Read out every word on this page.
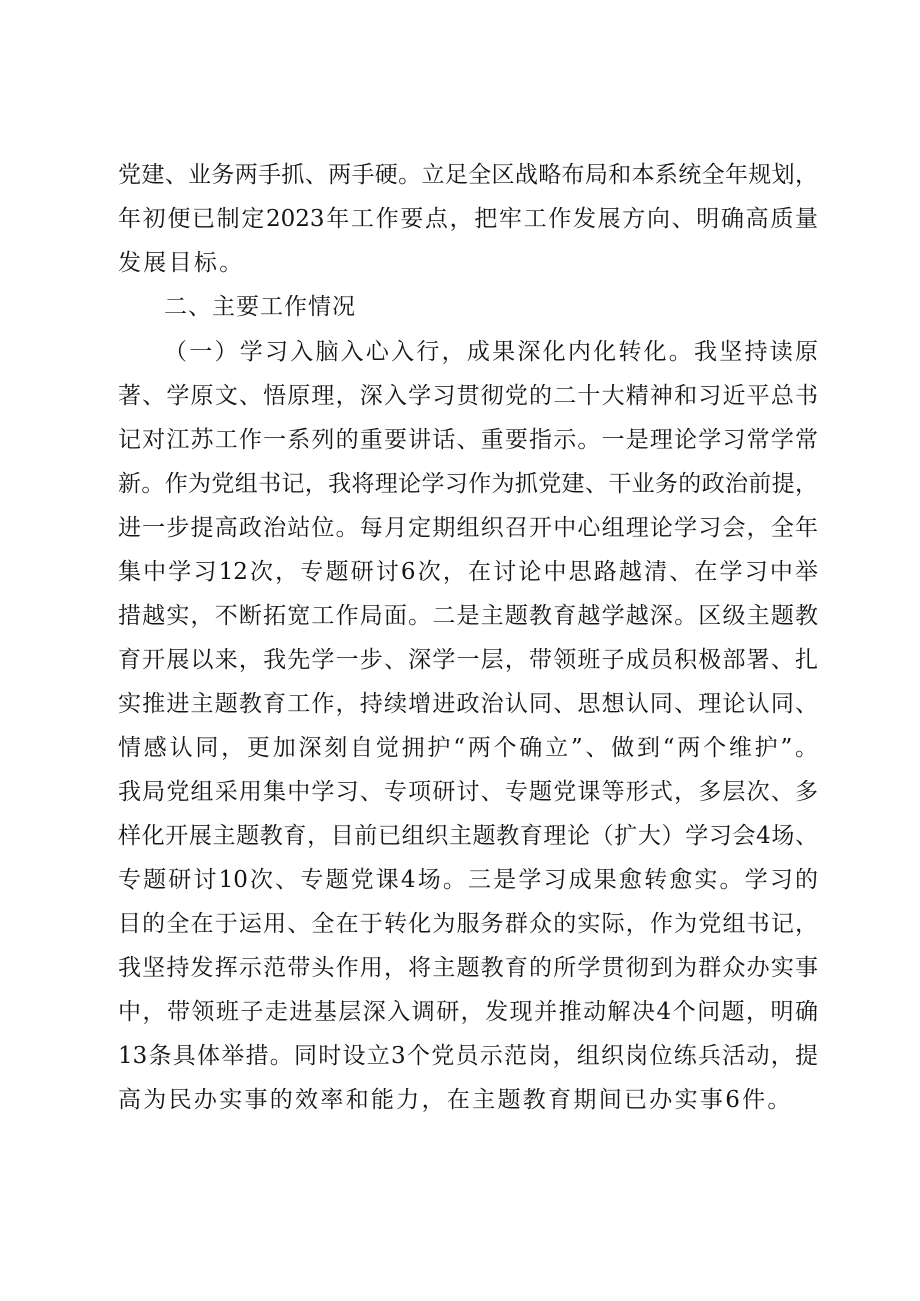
党建、业务两手抓、两手硬。立足全区战略布局和本系统全年规划，
年初便已制定2023年工作要点，把牢工作发展方向、明确高质量
发展目标。
二、主要工作情况
（一）学习入脑入心入行，成果深化内化转化。我坚持读原
著、学原文、悟原理，深入学习贯彻党的二十大精神和习近平总书
记对江苏工作一系列的重要讲话、重要指示。一是理论学习常学常
新。作为党组书记，我将理论学习作为抓党建、干业务的政治前提，
进一步提高政治站位。每月定期组织召开中心组理论学习会，全年
集中学习12次，专题研讨6次，在讨论中思路越清、在学习中举
措越实，不断拓宽工作局面。二是主题教育越学越深。区级主题教
育开展以来，我先学一步、深学一层，带领班子成员积极部署、扎
实推进主题教育工作，持续增进政治认同、思想认同、理论认同、
情感认同，更加深刻自觉拥护“两个确立”、做到“两个维护”。
我局党组采用集中学习、专项研讨、专题党课等形式，多层次、多
样化开展主题教育，目前已组织主题教育理论（扩大）学习会4场、
专题研讨10次、专题党课4场。三是学习成果愈转愈实。学习的
目的全在于运用、全在于转化为服务群众的实际，作为党组书记，
我坚持发挥示范带头作用，将主题教育的所学贯彻到为群众办实事
中，带领班子走进基层深入调研，发现并推动解决4个问题，明确
13条具体举措。同时设立3个党员示范岗，组织岗位练兵活动，提
高为民办实事的效率和能力，在主题教育期间已办实事6件。
